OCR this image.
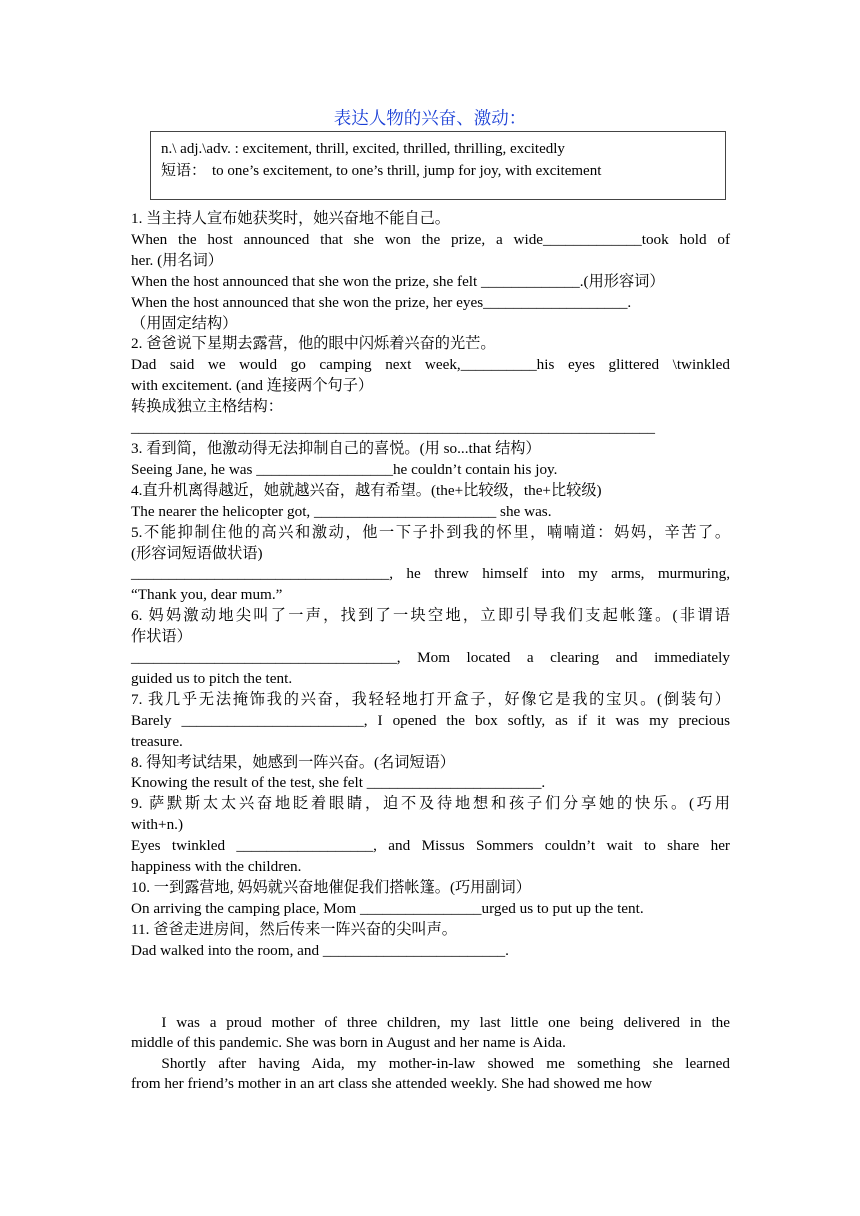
表达人物的兴奋、激动：
n.\ adj.\adv. : excitement, thrill, excited, thrilled, thrilling, excitedly
短语： to one’s excitement, to one’s thrill, jump for joy, with excitement
1. 当主持人宣布她获奖时，她兴奋地不能自己。
When the host announced that she won the prize, a wide_____________took hold of
her. (用名词）
When the host announced that she won the prize, she felt _____________.(用形容词）
When the host announced that she won the prize, her eyes___________________.
（用固定结构）
2. 爸爸说下星期去露营，他的眼中闪烁着兴奋的光芒。
Dad said we would go camping next week,__________his eyes glittered \twinkled
with excitement. (and 连接两个句子）
转换成独立主格结构：
_____________________________________________________________________
3. 看到简，他激动得无法抑制自己的喜悦。(用 so...that 结构）
Seeing Jane, he was __________________he couldn’t contain his joy.
4.直升机离得越近，她就越兴奋，越有希望。(the+比较级，the+比较级)
The nearer the helicopter got, ________________________ she was.
5.不能抑制住他的高兴和激动，他一下子扑到我的怀里，喃喃道：妈妈，辛苦了。
(形容词短语做状语)
__________________________________, he threw himself into my arms, murmuring,
“Thank you, dear mum.”
6. 妈妈激动地尖叫了一声，找到了一块空地，立即引导我们支起帐篷。(非谓语
作状语）
___________________________________, Mom located a clearing and immediately
guided us to pitch the tent.
7. 我几乎无法掩饰我的兴奋，我轻轻地打开盒子，好像它是我的宝贝。(倒装句）
Barely ________________________, I opened the box softly, as if it was my precious
treasure.
8. 得知考试结果，她感到一阵兴奋。(名词短语）
Knowing the result of the test, she felt _______________________.
9. 萨默斯太太兴奋地眨着眼睛，迫不及待地想和孩子们分享她的快乐。(巧用
with+n.)
Eyes twinkled __________________, and Missus Sommers couldn’t wait to share her
happiness with the children.
10. 一到露营地, 妈妈就兴奋地催促我们搭帐篷。(巧用副词）
On arriving the camping place, Mom ________________urged us to put up the tent.
11. 爸爸走进房间，然后传来一阵兴奋的尖叫声。
Dad walked into the room, and ________________________.
I was a proud mother of three children, my last little one being delivered in the
middle of this pandemic. She was born in August and her name is Aida.
Shortly after having Aida, my mother-in-law showed me something she learned
from her friend’s mother in an art class she attended weekly. She had showed me how
